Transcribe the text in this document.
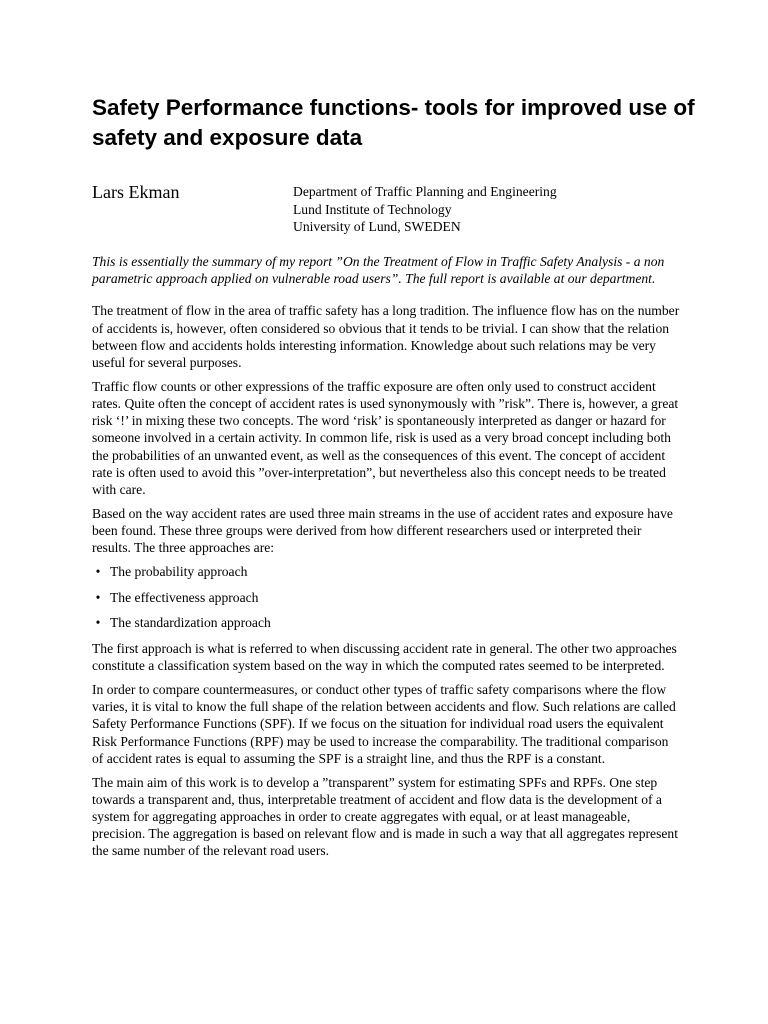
Safety Performance functions- tools for improved use of safety and exposure data
Lars Ekman	Department of Traffic Planning and Engineering
Lund Institute of Technology
University of Lund, SWEDEN

This is essentially the summary of my report ”On the Treatment of Flow in Traffic Safety Analysis - a non parametric approach applied on vulnerable road users”. The full report is available at our department.

The treatment of flow in the area of traffic safety has a long tradition. The influence flow has on the number of accidents is, however, often considered so obvious that it tends to be trivial. I can show that the relation between flow and accidents holds interesting information. Knowledge about such relations may be very useful for several purposes.

Traffic flow counts or other expressions of the traffic exposure are often only used to construct accident rates. Quite often the concept of accident rates is used synonymously with ”risk”. There is, however, a great risk ‘!’ in mixing these two concepts. The word ‘risk’ is spontaneously interpreted as danger or hazard for someone involved in a certain activity. In common life, risk is used as a very broad concept including both the probabilities of an unwanted event, as well as the consequences of this event. The concept of accident rate is often used to avoid this ”over-interpretation”, but nevertheless also this concept needs to be treated with care.

Based on the way accident rates are used three main streams in the use of accident rates and exposure have been found. These three groups were derived from how different researchers used or interpreted their results. The three approaches are:

• The probability approach
• The effectiveness approach
• The standardization approach

The first approach is what is referred to when discussing accident rate in general. The other two approaches constitute a classification system based on the way in which the computed rates seemed to be interpreted.

In order to compare countermeasures, or conduct other types of traffic safety comparisons where the flow varies, it is vital to know the full shape of the relation between accidents and flow. Such relations are called Safety Performance Functions (SPF). If we focus on the situation for individual road users the equivalent Risk Performance Functions (RPF) may be used to increase the comparability. The traditional comparison of accident rates is equal to assuming the SPF is a straight line, and thus the RPF is a constant.

The main aim of this work is to develop a ”transparent” system for estimating SPFs and RPFs. One step towards a transparent and, thus, interpretable treatment of accident and flow data is the development of a system for aggregating approaches in order to create aggregates with equal, or at least manageable, precision. The aggregation is based on relevant flow and is made in such a way that all aggregates represent the same number of the relevant road users.
